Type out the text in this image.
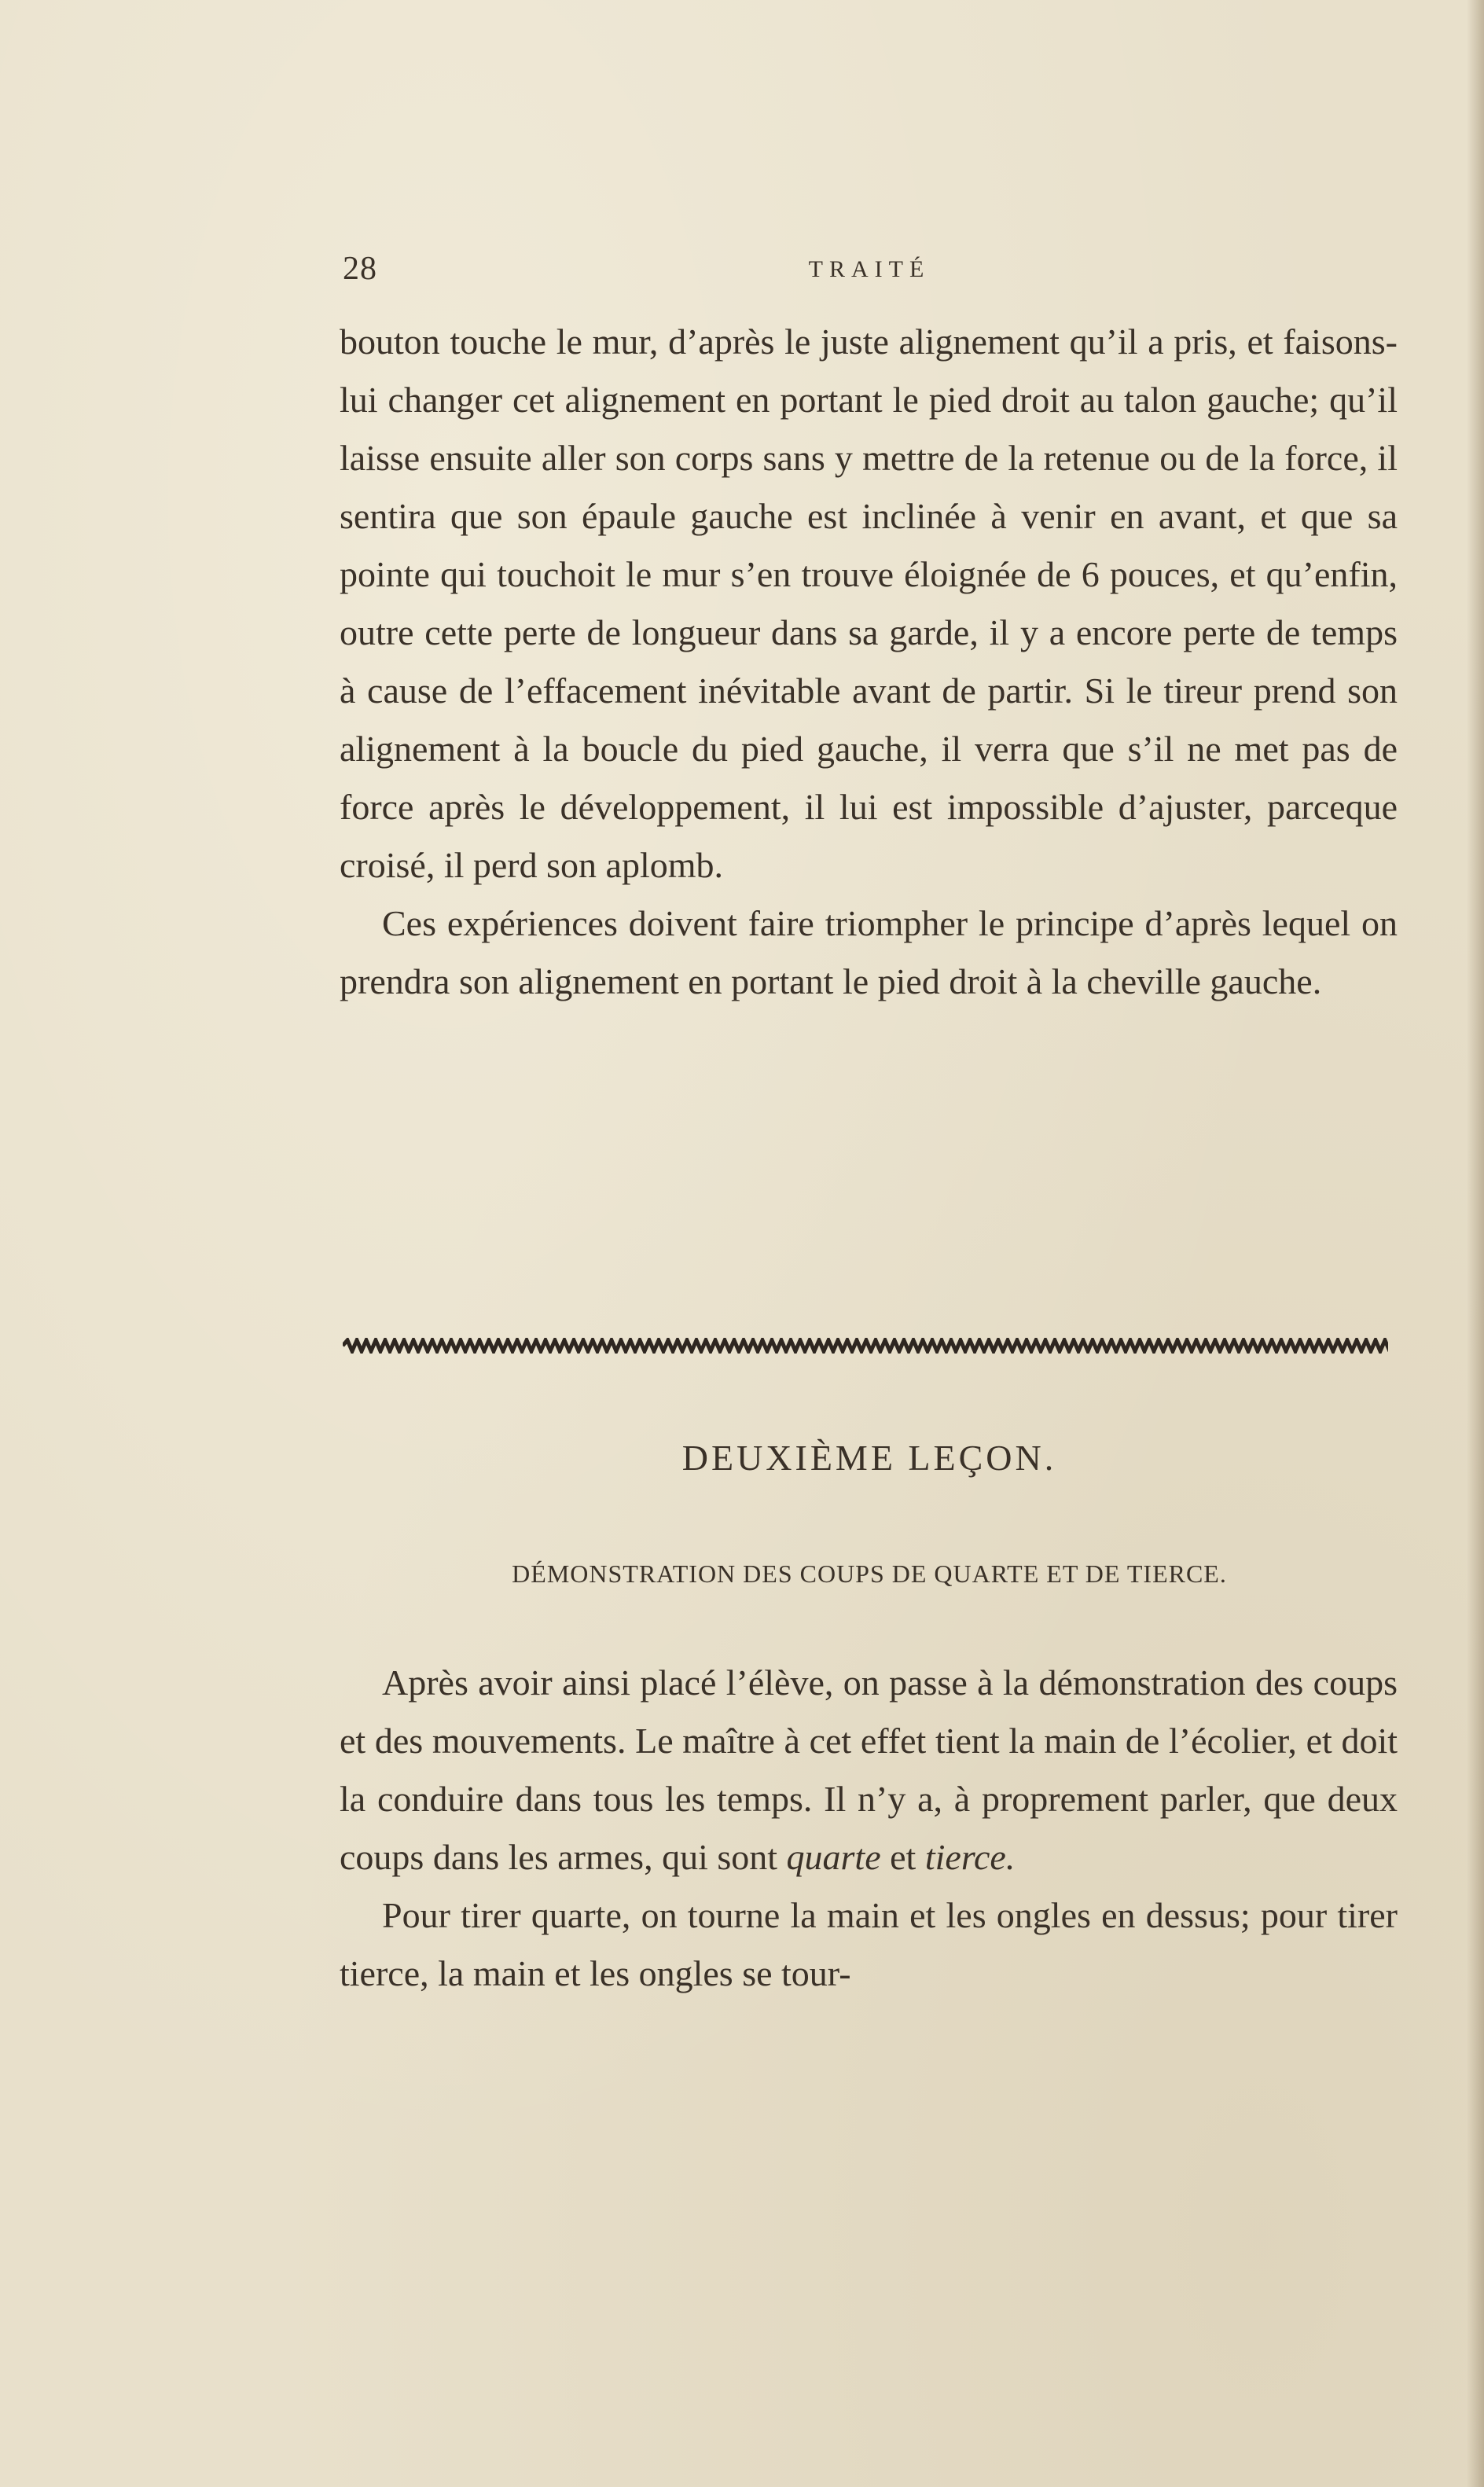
28	TRAITÉ

bouton touche le mur, d’après le juste alignement qu’il a pris, et faisons-lui changer cet alignement en portant le pied droit au talon gauche; qu’il laisse ensuite aller son corps sans y mettre de la retenue ou de la force, il sentira que son épaule gauche est inclinée à venir en avant, et que sa pointe qui touchoit le mur s’en trouve éloignée de 6 pouces, et qu’enfin, outre cette perte de longueur dans sa garde, il y a encore perte de temps à cause de l’effacement inévitable avant de partir. Si le tireur prend son alignement à la boucle du pied gauche, il verra que s’il ne met pas de force après le développement, il lui est impossible d’ajuster, parceque croisé, il perd son aplomb.

Ces expériences doivent faire triompher le principe d’après lequel on prendra son alignement en portant le pied droit à la cheville gauche.

DEUXIÈME LEÇON.
DÉMONSTRATION DES COUPS DE QUARTE ET DE TIERCE.

Après avoir ainsi placé l’élève, on passe à la démonstration des coups et des mouvements. Le maître à cet effet tient la main de l’écolier, et doit la conduire dans tous les temps. Il n’y a, à proprement parler, que deux coups dans les armes, qui sont quarte et tierce.

Pour tirer quarte, on tourne la main et les ongles en dessus; pour tirer tierce, la main et les ongles se tour-
